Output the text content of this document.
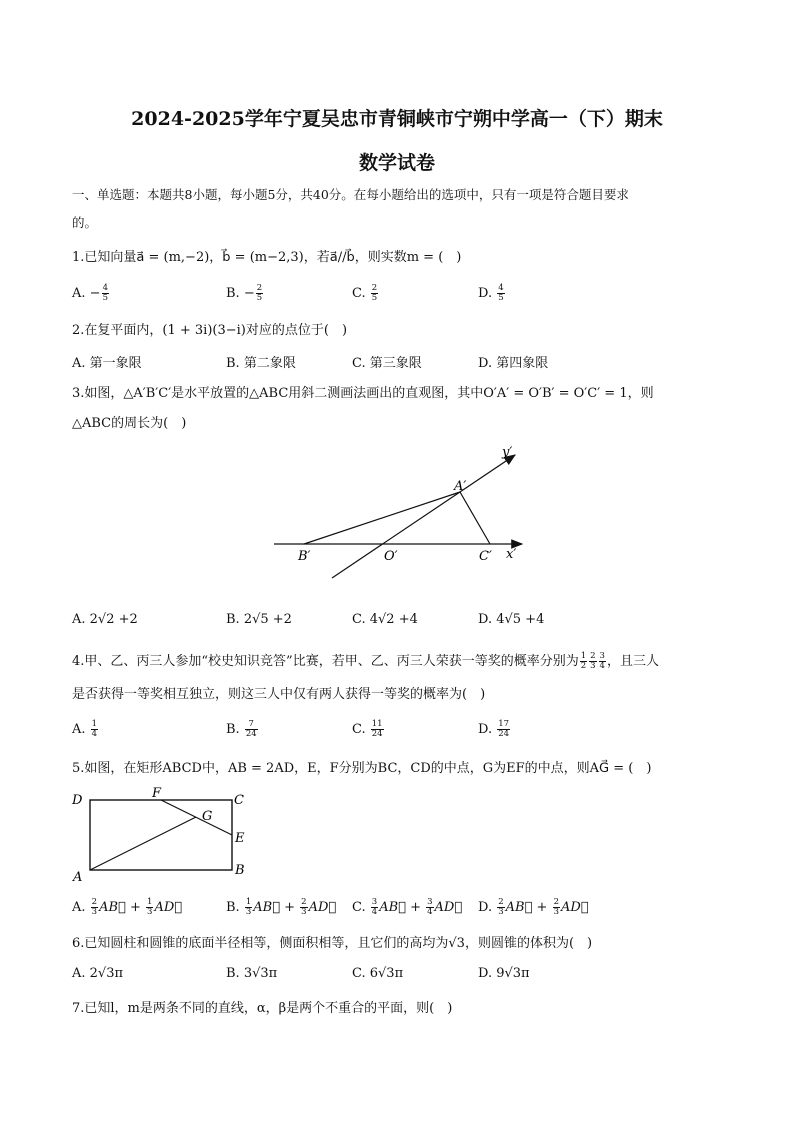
2024-2025学年宁夏吴忠市青铜峡市宁朔中学高一（下）期末
数学试卷
一、单选题：本题共8小题，每小题5分，共40分。在每小题给出的选项中，只有一项是符合题目要求
的。
1.已知向量a⃗ = (m,−2)，b⃗ = (m−2,3)，若a⃗//b⃗，则实数m = (　)
A. − $\frac{4}{5}$	B. − $\frac{2}{5}$	C. $\frac{2}{5}$	D. $\frac{4}{5}$
2.在复平面内，(1 + 3i)(3−i)对应的点位于(　)
A. 第一象限	B. 第二象限	C. 第三象限	D. 第四象限
3.如图，△A′B′C′是水平放置的△ABC用斜二测画法画出的直观图，其中O′A′ = O′B′ = O′C′ = 1，则
△ABC的周长为(　)
y′
A′
B′	O′	C′ x′
A. 2√2 +2	B. 2√5 +2	C. 4√2 +4	D. 4√5 +4
4.甲、乙、丙三人参加“校史知识竞答”比赛，若甲、乙、丙三人荣获一等奖的概率分别为 $\frac{1}{2} \frac{2}{3} \frac{3}{4}$ ，且三人
是否获得一等奖相互独立，则这三人中仅有两人获得一等奖的概率为(　)
A. $\frac{1}{4}$	B. $\frac{7}{24}$	C. $\frac{11}{24}$	D. $\frac{17}{24}$
5.如图，在矩形ABCD中，AB = 2AD，E，F分别为BC，CD的中点，G为EF的中点，则AG⃗ = (　)
D	F	C
G
E
A	B
A. $\frac{2}{3}$ AB⃗ + $\frac{1}{3}$ AD⃗	B. $\frac{1}{3}$ AB⃗ + $\frac{2}{3}$ AD⃗ C. $\frac{3}{4}$ AB⃗ + $\frac{3}{4}$ AD⃗ D. $\frac{2}{3}$ AB⃗ + $\frac{2}{3}$ AD⃗
6.已知圆柱和圆锥的底面半径相等，侧面积相等，且它们的高均为√3，则圆锥的体积为(　)
A. 2√3π	B. 3√3π	C. 6√3π	D. 9√3π
7.已知l，m是两条不同的直线，α，β是两个不重合的平面，则(　)
